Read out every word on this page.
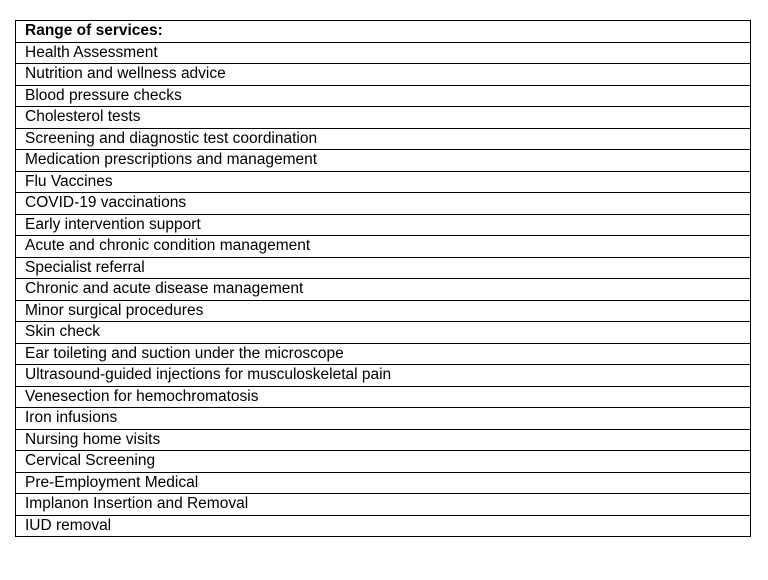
Range of services:
Health Assessment
Nutrition and wellness advice
Blood pressure checks
Cholesterol tests
Screening and diagnostic test coordination
Medication prescriptions and management
Flu Vaccines
COVID-19 vaccinations
Early intervention support
Acute and chronic condition management
Specialist referral
Chronic and acute disease management
Minor surgical procedures
Skin check
Ear toileting and suction under the microscope
Ultrasound-guided injections for musculoskeletal pain
Venesection for hemochromatosis
Iron infusions
Nursing home visits
Cervical Screening
Pre-Employment Medical
Implanon Insertion and Removal
IUD removal
